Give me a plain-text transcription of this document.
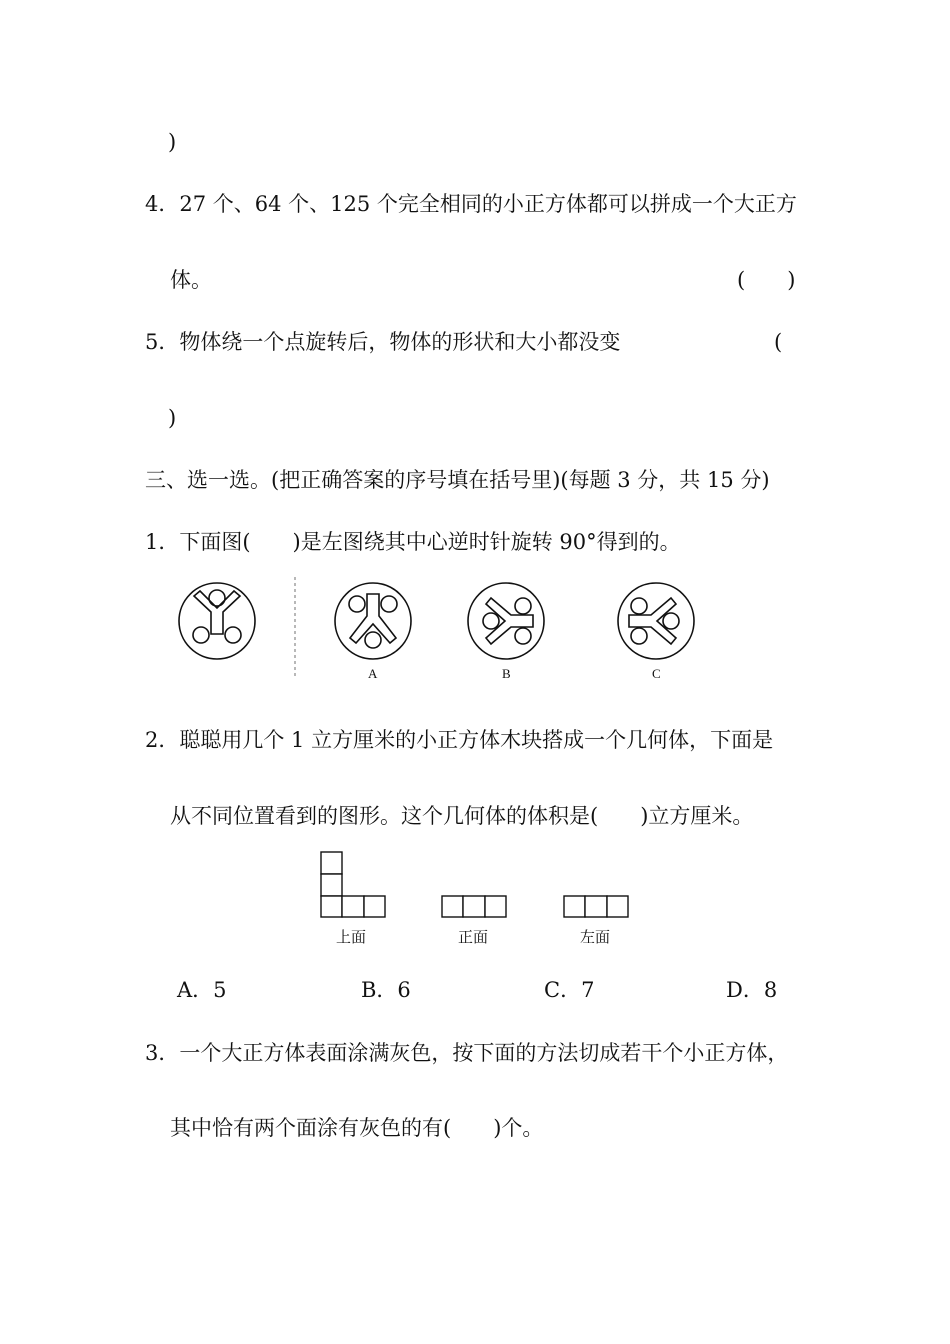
)
4．27 个、64 个、125 个完全相同的小正方体都可以拼成一个大正方
体。	(　　)
5．物体绕一个点旋转后，物体的形状和大小都没变	(
)
三、选一选。(把正确答案的序号填在括号里)(每题 3 分，共 15 分)
1．下面图(　　)是左图绕其中心逆时针旋转 90°得到的。
A	B	C
2．聪聪用几个 1 立方厘米的小正方体木块搭成一个几何体，下面是
从不同位置看到的图形。这个几何体的体积是(　　)立方厘米。
上面	正面	左面
A．5	B．6	C．7	D．8
3．一个大正方体表面涂满灰色，按下面的方法切成若干个小正方体，
其中恰有两个面涂有灰色的有(　　)个。
